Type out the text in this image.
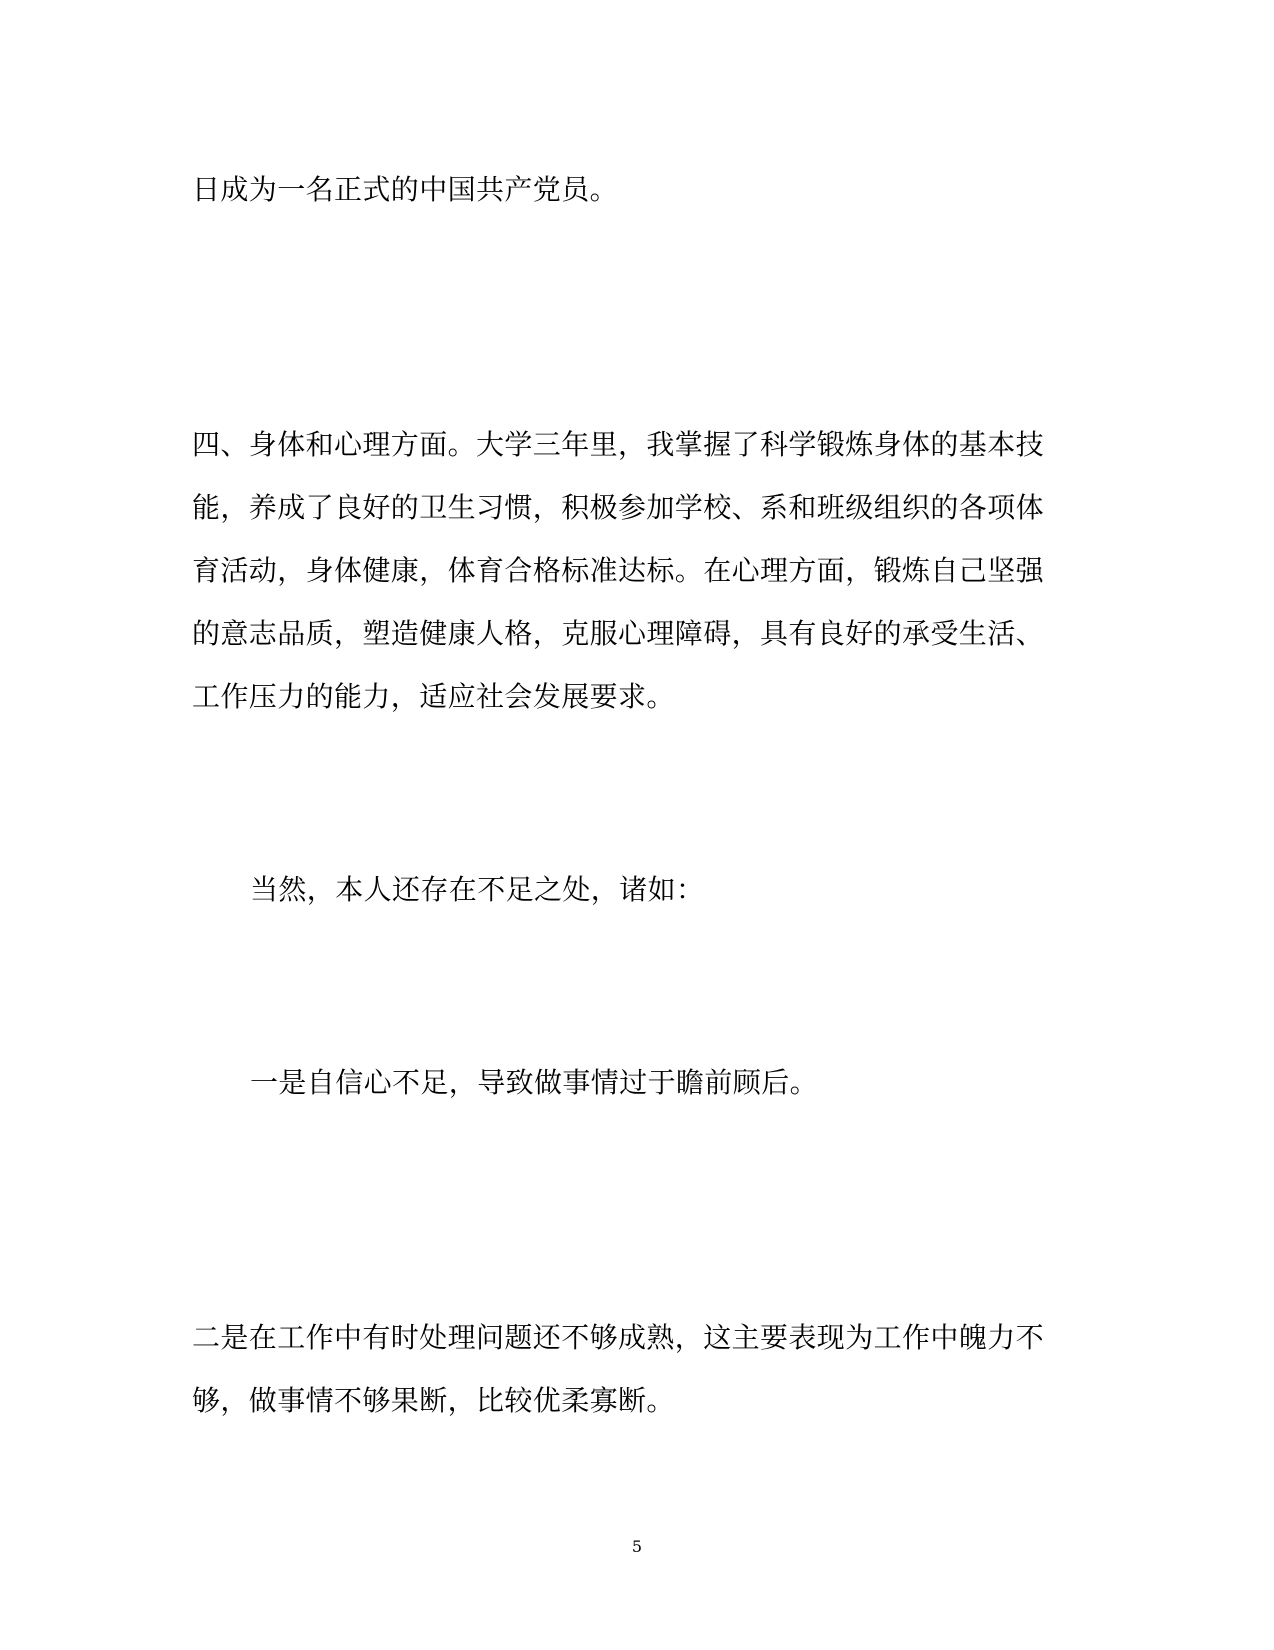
日成为一名正式的中国共产党员。
四、身体和心理方面。大学三年里，我掌握了科学锻炼身体的基本技
能，养成了良好的卫生习惯，积极参加学校、系和班级组织的各项体
育活动，身体健康，体育合格标准达标。在心理方面，锻炼自己坚强
的意志品质，塑造健康人格，克服心理障碍，具有良好的承受生活、
工作压力的能力，适应社会发展要求。
当然，本人还存在不足之处，诸如：
一是自信心不足，导致做事情过于瞻前顾后。
二是在工作中有时处理问题还不够成熟，这主要表现为工作中魄力不
够，做事情不够果断，比较优柔寡断。
5
